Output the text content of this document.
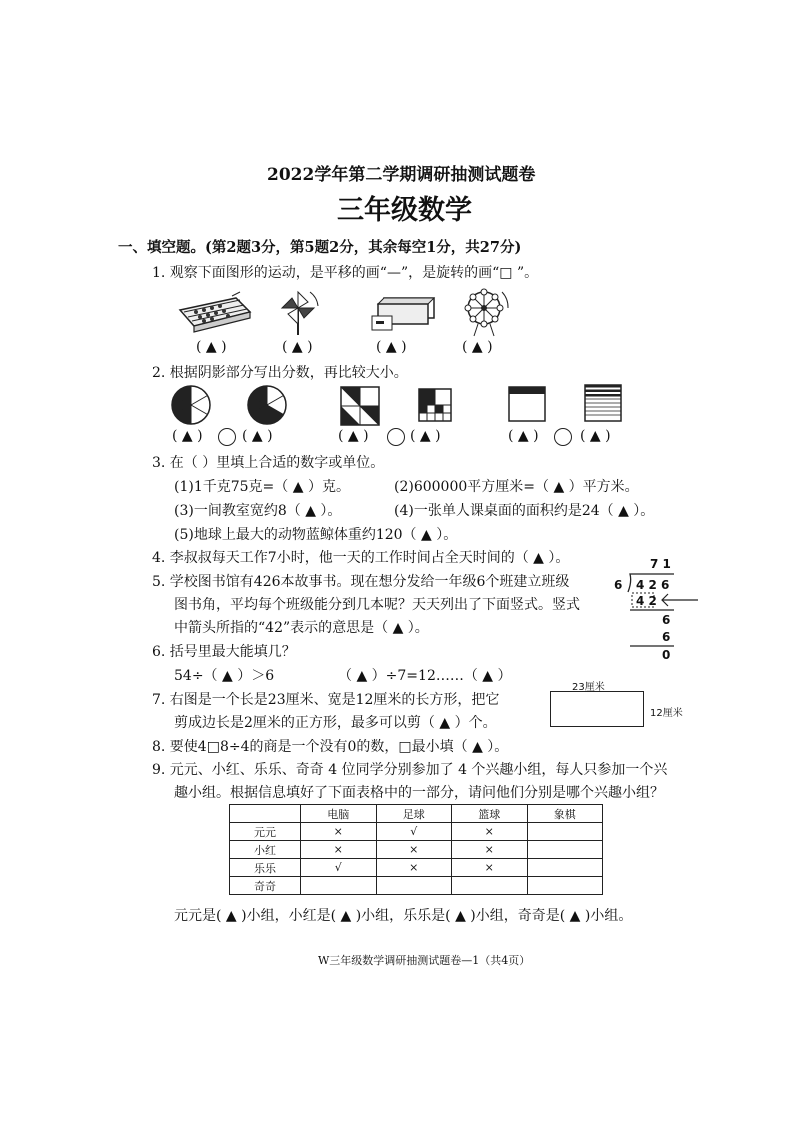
2022学年第二学期调研抽测试题卷
三年级数学
一、填空题。(第2题3分，第5题2分，其余每空1分，共27分)
1. 观察下面图形的运动，是平移的画“—”，是旋转的画“□ ”。
( ▲ )	( ▲ )	( ▲ )	( ▲ )
2. 根据阴影部分写出分数，再比较大小。
( ▲ )	( ▲ )	( ▲ )	( ▲ )	( ▲ )	( ▲ )
3. 在（ ）里填上合适的数字或单位。
(1)1千克75克=（ ▲ ）克。	(2)600000平方厘米=（ ▲ ）平方米。
(3)一间教室宽约8（ ▲ ）。	(4)一张单人课桌面的面积约是24（ ▲ ）。
(5)地球上最大的动物蓝鲸体重约120（ ▲ ）。
4. 李叔叔每天工作7小时，他一天的工作时间占全天时间的（ ▲ ）。
5. 学校图书馆有426本故事书。现在想分发给一年级6个班建立班级
图书角，平均每个班级能分到几本呢？天天列出了下面竖式。竖式
中箭头所指的“42”表示的意思是（ ▲ ）。
7 1
6 4 2 6
4 2
6
6
0
6. 括号里最大能填几？
54÷（ ▲ ）＞6	（ ▲ ）÷7=12……（ ▲ ）
7. 右图是一个长是23厘米、宽是12厘米的长方形，把它
剪成边长是2厘米的正方形，最多可以剪（ ▲ ）个。
23厘米
12厘米
8. 要使4□8÷4的商是一个没有0的数，□最小填（ ▲ ）。
9. 元元、小红、乐乐、奇奇 4 位同学分别参加了 4 个兴趣小组，每人只参加一个兴
趣小组。根据信息填好了下面表格中的一部分，请问他们分别是哪个兴趣小组？
	电脑	足球	篮球	象棋
元元	×	√	×	
小红	×	×	×	
乐乐	√	×	×	
奇奇				
元元是( ▲ )小组，小红是( ▲ )小组，乐乐是( ▲ )小组，奇奇是( ▲ )小组。
W三年级数学调研抽测试题卷—1（共4页）
